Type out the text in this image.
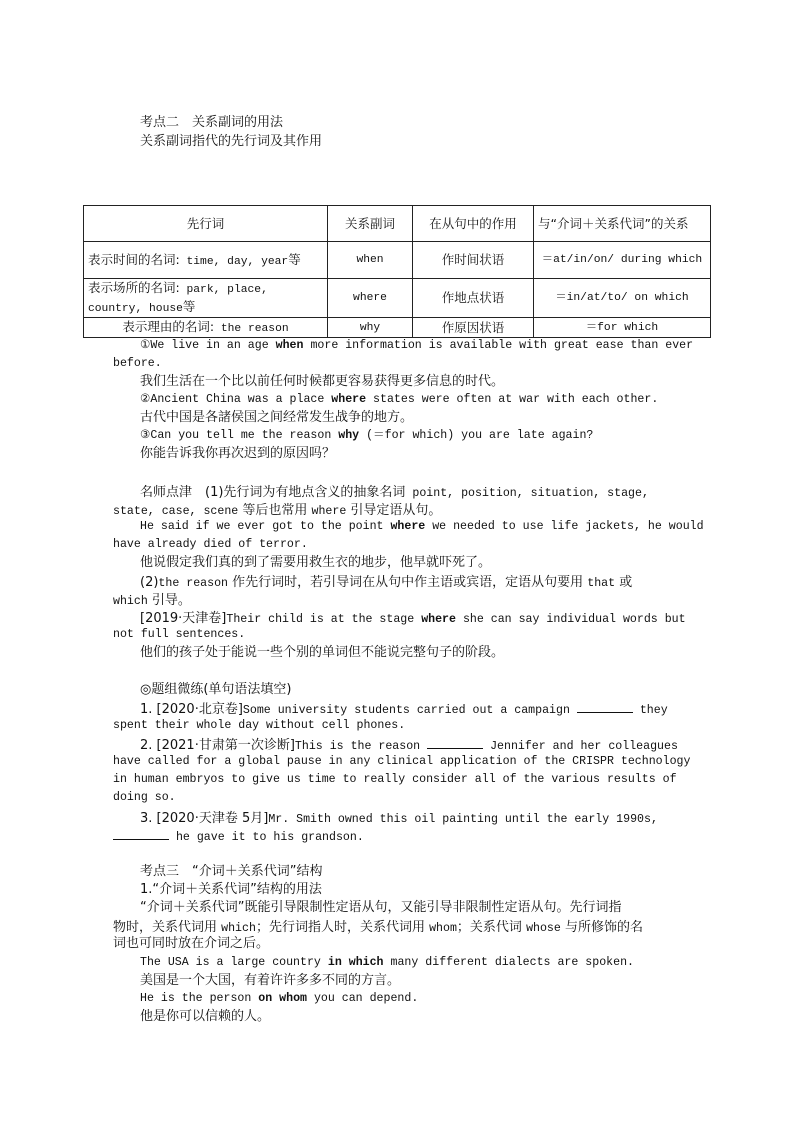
考点二　关系副词的用法
关系副词指代的先行词及其作用
先行词	关系副词	在从句中的作用	与“介词＋关系代词”的关系
表示时间的名词: time, day, year等	when	作时间状语	＝at/in/on/ during which
表示场所的名词: park, place, country, house等	where	作地点状语	＝in/at/to/ on which
表示理由的名词: the reason	why	作原因状语	＝for which
①We live in an age when more information is available with great ease than ever
before.
我们生活在一个比以前任何时候都更容易获得更多信息的时代。
②Ancient China was a place where states were often at war with each other.
古代中国是各諸侯国之间经常发生战争的地方。
③Can you tell me the reason why (＝for which) you are late again?
你能告诉我你再次迟到的原因吗？
名师点津　(1)先行词为有地点含义的抽象名词 point, position, situation, stage,
state, case, scene 等后也常用 where 引导定语从句。
He said if we ever got to the point where we needed to use life jackets, he would
have already died of terror.
他说假定我们真的到了需要用救生衣的地步，他早就吓死了。
(2)the reason 作先行词时，若引导词在从句中作主语或宾语，定语从句要用 that 或
which 引导。
[2019·天津卷]Their child is at the stage where she can say individual words but
not full sentences.
他们的孩子处于能说一些个别的单词但不能说完整句子的阶段。
◎题组微练(单句语法填空)
1. [2020·北京卷]Some university students carried out a campaign	they
spent their whole day without cell phones.
2. [2021·甘肃第一次诊断]This is the reason	Jennifer and her colleagues
have called for a global pause in any clinical application of the CRISPR technology
in human embryos to give us time to really consider all of the various results of
doing so.
3. [2020·天津卷 5月]Mr. Smith owned this oil painting until the early 1990s,
he gave it to his grandson.
考点三　“介词＋关系代词”结构
1.“介词＋关系代词”结构的用法
“介词＋关系代词”既能引导限制性定语从句，又能引导非限制性定语从句。先行词指
物时，关系代词用 which；先行词指人时，关系代词用 whom；关系代词 whose 与所修饰的名
词也可同时放在介词之后。
The USA is a large country in which many different dialects are spoken.
美国是一个大国，有着许许多多不同的方言。
He is the person on whom you can depend.
他是你可以信赖的人。
